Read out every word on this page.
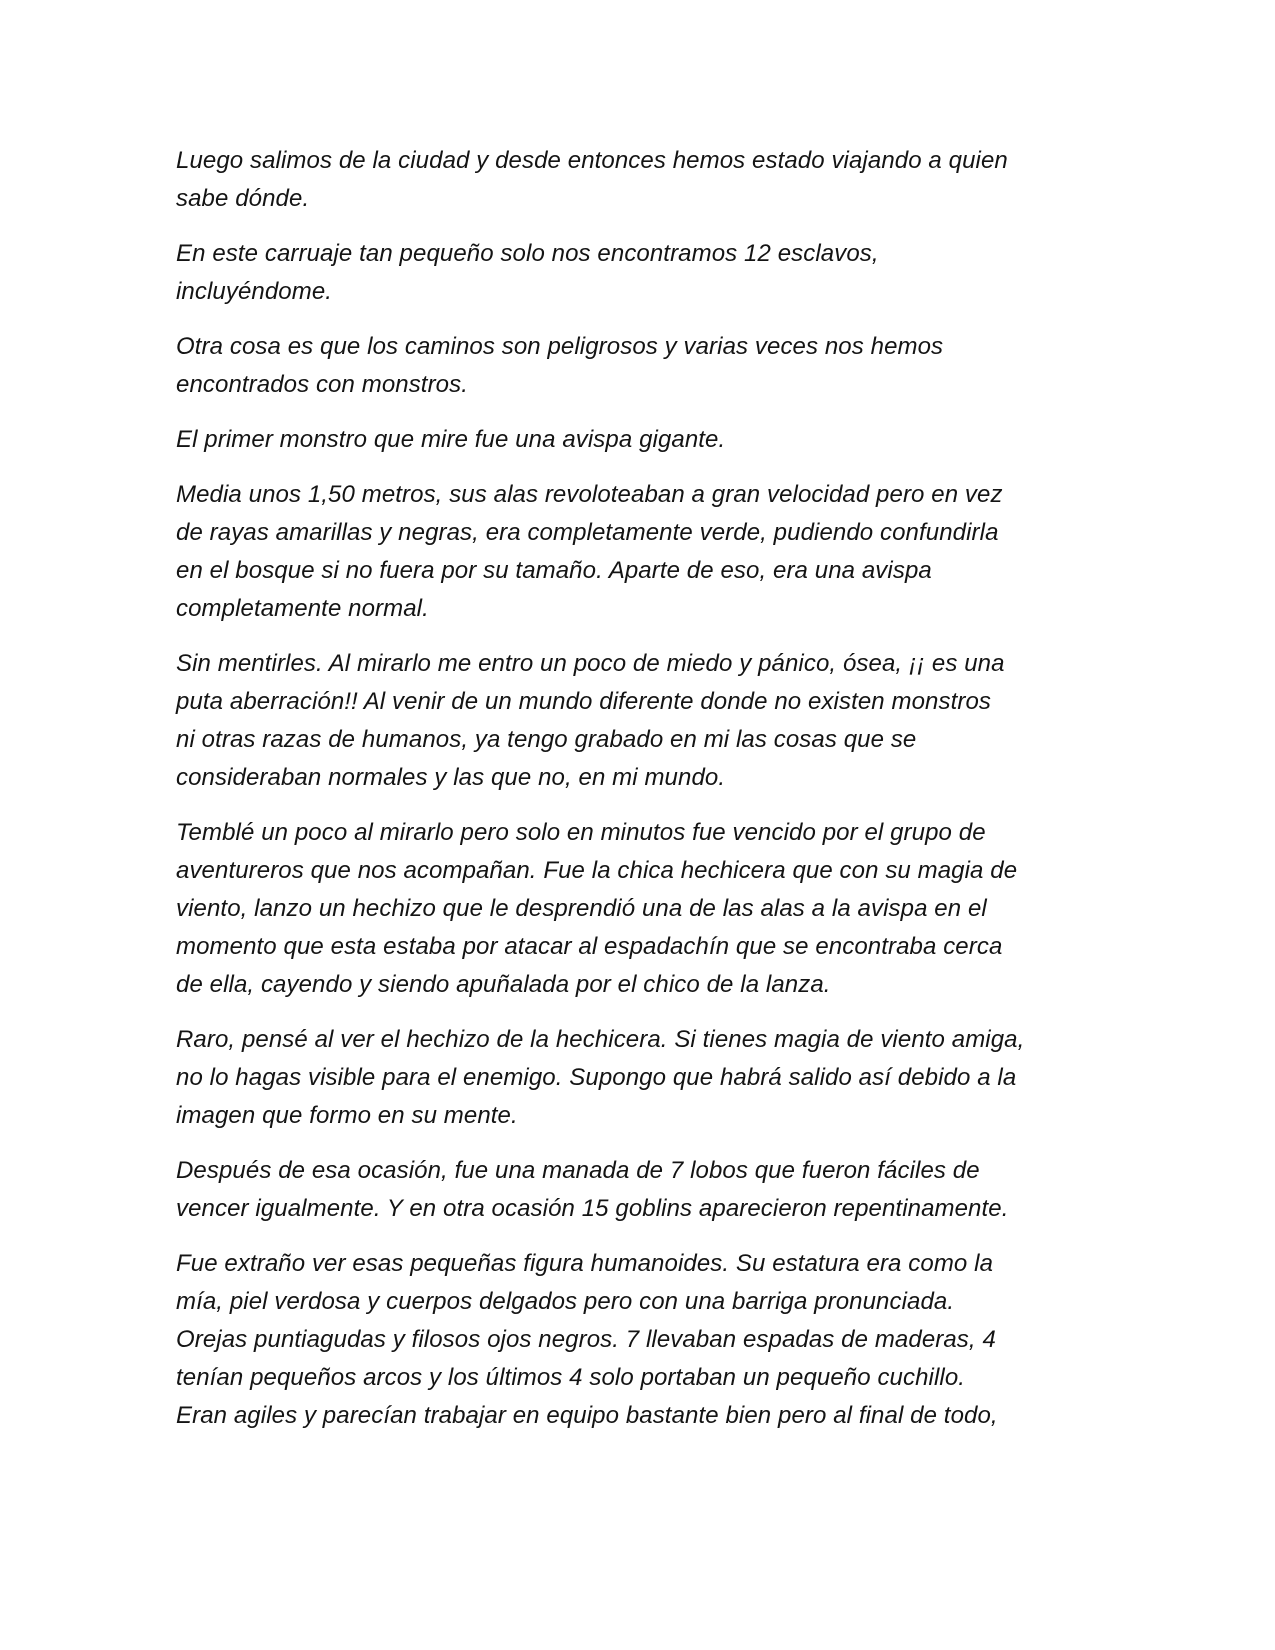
Luego salimos de la ciudad y desde entonces hemos estado viajando a quien
sabe dónde.

En este carruaje tan pequeño solo nos encontramos 12 esclavos,
incluyéndome.

Otra cosa es que los caminos son peligrosos y varias veces nos hemos
encontrados con monstros.

El primer monstro que mire fue una avispa gigante.

Media unos 1,50 metros, sus alas revoloteaban a gran velocidad pero en vez
de rayas amarillas y negras, era completamente verde, pudiendo confundirla
en el bosque si no fuera por su tamaño. Aparte de eso, era una avispa
completamente normal.

Sin mentirles. Al mirarlo me entro un poco de miedo y pánico, ósea, ¡¡ es una
puta aberración!! Al venir de un mundo diferente donde no existen monstros
ni otras razas de humanos, ya tengo grabado en mi las cosas que se
consideraban normales y las que no, en mi mundo.

Temblé un poco al mirarlo pero solo en minutos fue vencido por el grupo de
aventureros que nos acompañan. Fue la chica hechicera que con su magia de
viento, lanzo un hechizo que le desprendió una de las alas a la avispa en el
momento que esta estaba por atacar al espadachín que se encontraba cerca
de ella, cayendo y siendo apuñalada por el chico de la lanza.

Raro, pensé al ver el hechizo de la hechicera. Si tienes magia de viento amiga,
no lo hagas visible para el enemigo. Supongo que habrá salido así debido a la
imagen que formo en su mente.

Después de esa ocasión, fue una manada de 7 lobos que fueron fáciles de
vencer igualmente. Y en otra ocasión 15 goblins aparecieron repentinamente.

Fue extraño ver esas pequeñas figura humanoides. Su estatura era como la
mía, piel verdosa y cuerpos delgados pero con una barriga pronunciada.
Orejas puntiagudas y filosos ojos negros. 7 llevaban espadas de maderas, 4
tenían pequeños arcos y los últimos 4 solo portaban un pequeño cuchillo.
Eran agiles y parecían trabajar en equipo bastante bien pero al final de todo,
